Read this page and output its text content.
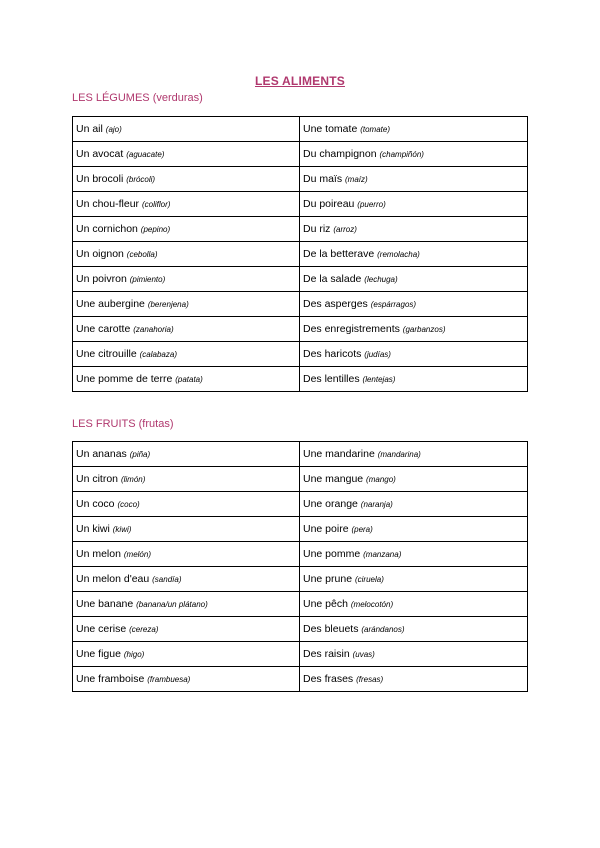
LES ALIMENTS
LES LÉGUMES (verduras)
Un ail (ajo)	Une tomate (tomate)
Un avocat (aguacate)	Du champignon (champiñón)
Un brocoli (brócoli)	Du maïs (maíz)
Un chou-fleur (coliflor)	Du poireau (puerro)
Un cornichon (pepino)	Du riz (arroz)
Un oignon (cebolla)	De la betterave (remolacha)
Un poivron (pimiento)	De la salade (lechuga)
Une aubergine (berenjena)	Des asperges (espárragos)
Une carotte (zanahoria)	Des enregistrements (garbanzos)
Une citrouille (calabaza)	Des haricots (judías)
Une pomme de terre (patata)	Des lentilles (lentejas)
LES FRUITS (frutas)
Un ananas (piña)	Une mandarine (mandarina)
Un citron (limón)	Une mangue (mango)
Un coco (coco)	Une orange (naranja)
Un kiwi (kiwi)	Une poire (pera)
Un melon (melón)	Une pomme (manzana)
Un melon d'eau (sandía)	Une prune (ciruela)
Une banane (banana/un plátano)	Une pêch (melocotón)
Une cerise (cereza)	Des bleuets (arándanos)
Une figue (higo)	Des raisin (uvas)
Une framboise (frambuesa)	Des frases (fresas)
